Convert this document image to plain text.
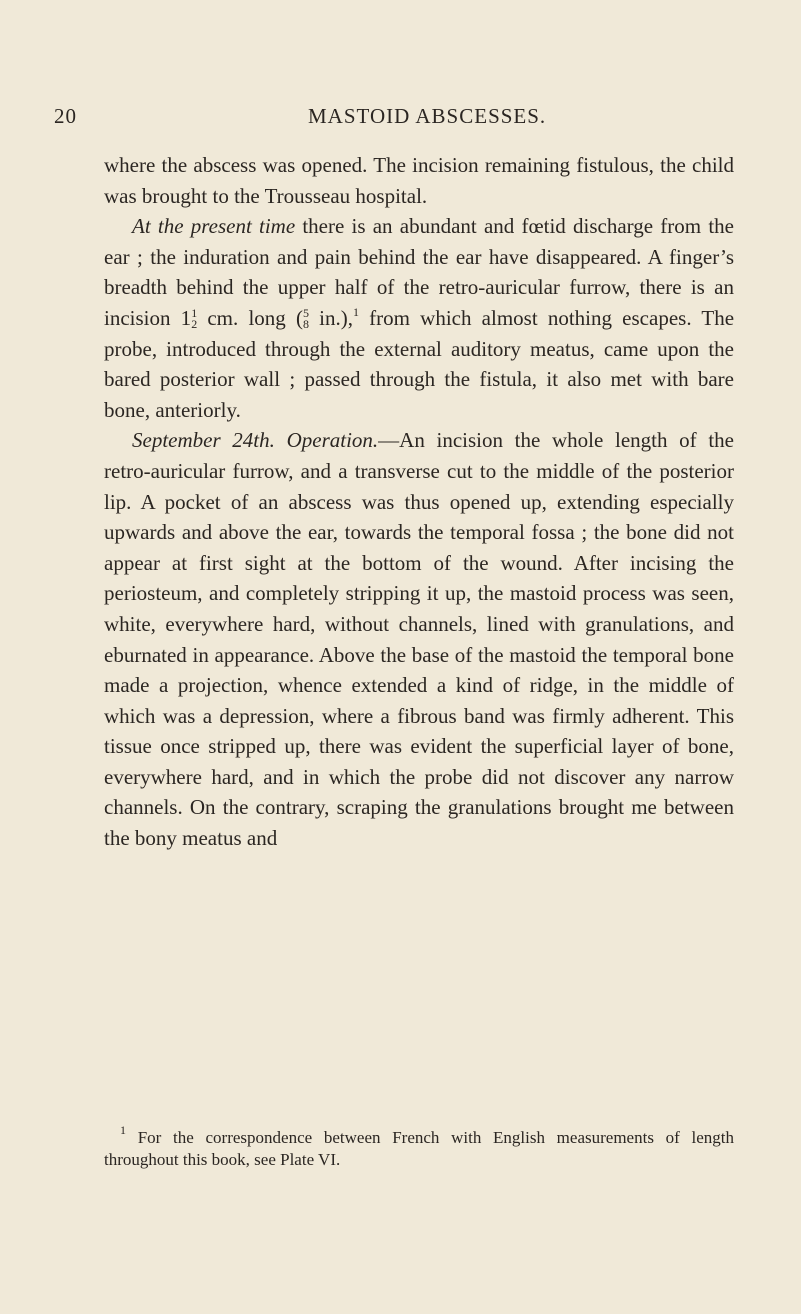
20	MASTOID ABSCESSES.

where the abscess was opened. The incision remaining fistulous, the child was brought to the Trousseau hospital.

At the present time there is an abundant and fœtid discharge from the ear ; the induration and pain behind the ear have disappeared. A finger’s breadth behind the upper half of the retro-auricular furrow, there is an incision 1 1
2 cm. long ( 5
8 in.),$^1$ from which almost nothing escapes. The probe, introduced through the external auditory meatus, came upon the bared posterior wall ; passed through the fistula, it also met with bare bone, anteriorly.

September 24th. Operation.—An incision the whole length of the retro-auricular furrow, and a transverse cut to the middle of the posterior lip. A pocket of an abscess was thus opened up, extending especially upwards and above the ear, towards the temporal fossa ; the bone did not appear at first sight at the bottom of the wound. After incising the periosteum, and completely stripping it up, the mastoid process was seen, white, everywhere hard, without channels, lined with granulations, and eburnated in appearance. Above the base of the mastoid the temporal bone made a projection, whence extended a kind of ridge, in the middle of which was a depression, where a fibrous band was firmly adherent. This tissue once stripped up, there was evident the superficial layer of bone, everywhere hard, and in which the probe did not discover any narrow channels. On the contrary, scraping the granulations brought me between the bony meatus and

$^1$ For the correspondence between French with English measurements of length throughout this book, see Plate VI.
